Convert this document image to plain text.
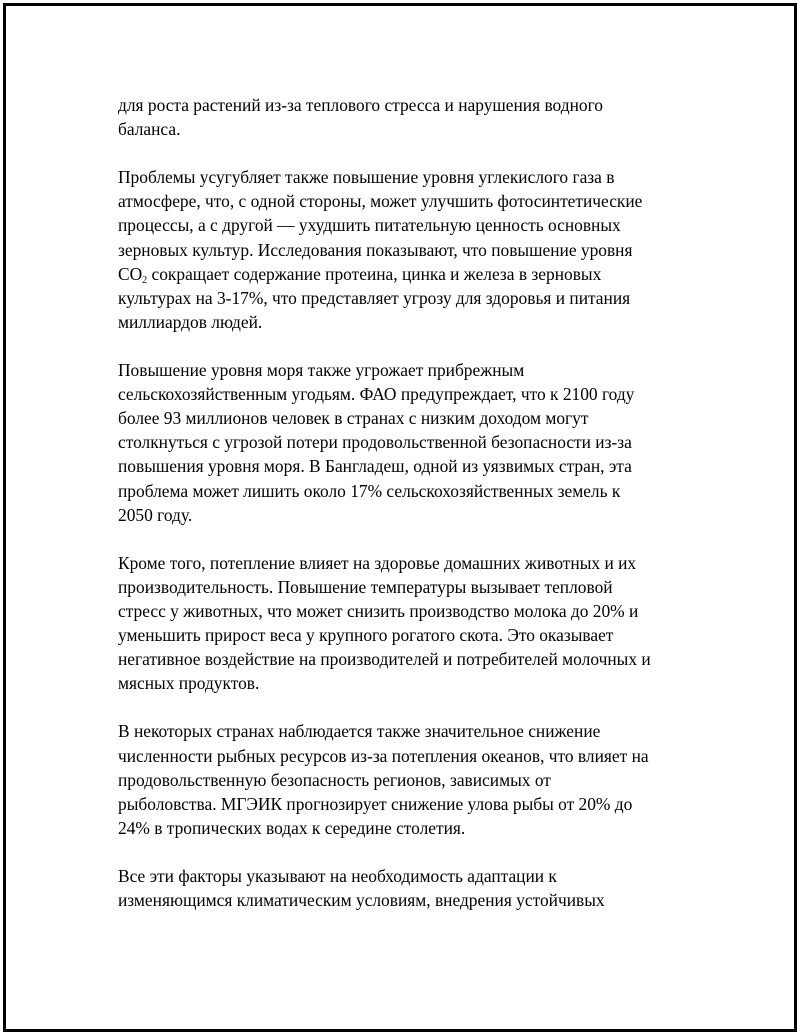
для роста растений из-за теплового стресса и нарушения водного
баланса.

Проблемы усугубляет также повышение уровня углекислого газа в
атмосфере, что, с одной стороны, может улучшить фотосинтетические
процессы, а с другой — ухудшить питательную ценность основных
зерновых культур. Исследования показывают, что повышение уровня
$CO_2$ сокращает содержание протеина, цинка и железа в зерновых
культурах на 3-17%, что представляет угрозу для здоровья и питания
миллиардов людей.

Повышение уровня моря также угрожает прибрежным
сельскохозяйственным угодьям. ФАО предупреждает, что к 2100 году
более 93 миллионов человек в странах с низким доходом могут
столкнуться с угрозой потери продовольственной безопасности из-за
повышения уровня моря. В Бангладеш, одной из уязвимых стран, эта
проблема может лишить около 17% сельскохозяйственных земель к
2050 году.

Кроме того, потепление влияет на здоровье домашних животных и их
производительность. Повышение температуры вызывает тепловой
стресс у животных, что может снизить производство молока до 20% и
уменьшить прирост веса у крупного рогатого скота. Это оказывает
негативное воздействие на производителей и потребителей молочных и
мясных продуктов.

В некоторых странах наблюдается также значительное снижение
численности рыбных ресурсов из-за потепления океанов, что влияет на
продовольственную безопасность регионов, зависимых от
рыболовства. МГЭИК прогнозирует снижение улова рыбы от 20% до
24% в тропических водах к середине столетия.

Все эти факторы указывают на необходимость адаптации к
изменяющимся климатическим условиям, внедрения устойчивых
